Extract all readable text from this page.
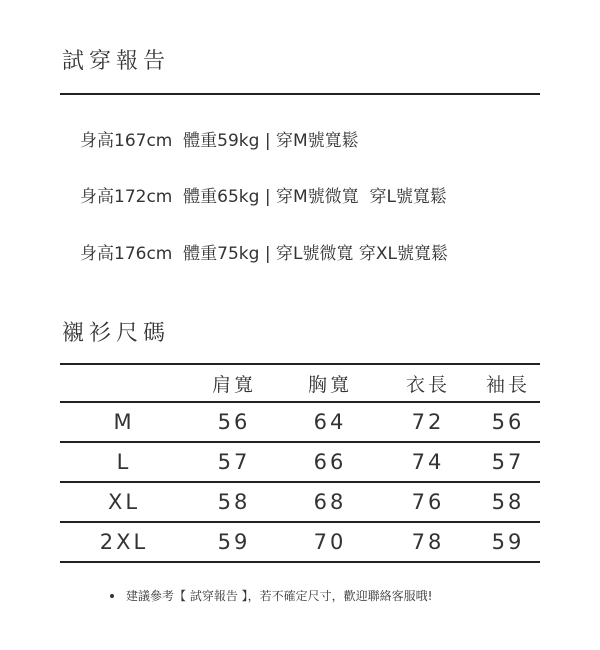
試穿報告
身高167cm  體重59kg | 穿M號寬鬆
身高172cm  體重65kg | 穿M號微寬  穿L號寬鬆
身高176cm  體重75kg | 穿L號微寬 穿XL號寬鬆
襯衫尺碼
	肩寬	胸寬	衣長	袖長
M	56	64	72	56
L	57	66	74	57
XL	58	68	76	58
2XL	59	70	78	59
建議參考【 試穿報告 】，若不確定尺寸，歡迎聯絡客服哦!
